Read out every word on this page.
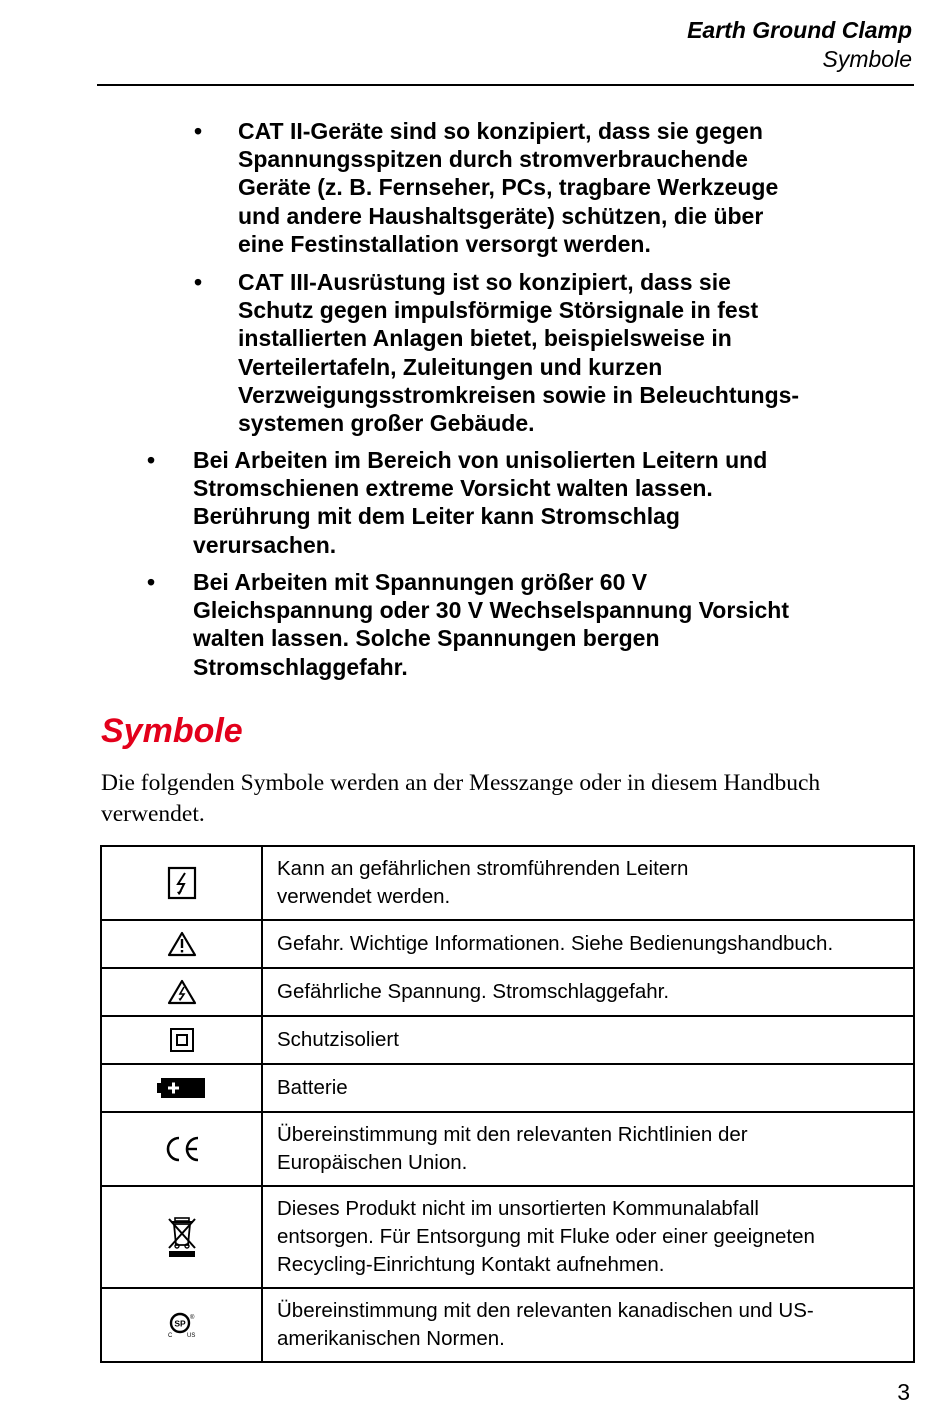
Earth Ground Clamp
Symbole
• CAT II-Geräte sind so konzipiert, dass sie gegen
Spannungsspitzen durch stromverbrauchende
Geräte (z. B. Fernseher, PCs, tragbare Werkzeuge
und andere Haushaltsgeräte) schützen, die über
eine Festinstallation versorgt werden.
• CAT III-Ausrüstung ist so konzipiert, dass sie
Schutz gegen impulsförmige Störsignale in fest
installierten Anlagen bietet, beispielsweise in
Verteilertafeln, Zuleitungen und kurzen
Verzweigungsstromkreisen sowie in Beleuchtungs-
systemen großer Gebäude.
• Bei Arbeiten im Bereich von unisolierten Leitern und
Stromschienen extreme Vorsicht walten lassen.
Berührung mit dem Leiter kann Stromschlag
verursachen.
• Bei Arbeiten mit Spannungen größer 60 V
Gleichspannung oder 30 V Wechselspannung Vorsicht
walten lassen. Solche Spannungen bergen
Stromschlaggefahr.
Symbole
Die folgenden Symbole werden an der Messzange oder in diesem Handbuch verwendet.

Kann an gefährlichen stromführenden Leitern
verwendet werden.

Gefahr. Wichtige Informationen. Siehe Bedienungshandbuch.

Gefährliche Spannung. Stromschlaggefahr.

Schutzisoliert

Batterie

Übereinstimmung mit den relevanten Richtlinien der
Europäischen Union.

Dieses Produkt nicht im unsortierten Kommunalabfall
entsorgen. Für Entsorgung mit Fluke oder einer geeigneten
Recycling-Einrichtung Kontakt aufnehmen.

SP
C US
®	Übereinstimmung mit den relevanten kanadischen und US-
amerikanischen Normen.
3
